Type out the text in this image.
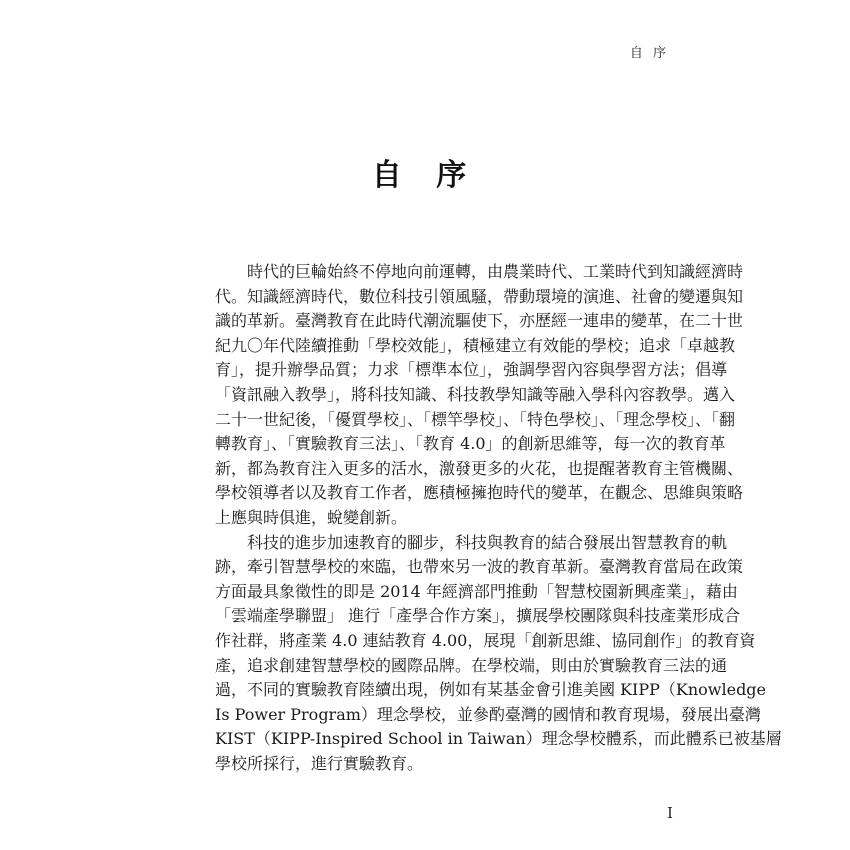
自 序
自 序
時代的巨輪始終不停地向前運轉，由農業時代、工業時代到知識經濟時
代。知識經濟時代，數位科技引領風騷，帶動環境的演進、社會的變遷與知
識的革新。臺灣教育在此時代潮流驅使下，亦歷經一連串的變革，在二十世
紀九〇年代陸續推動「學校效能」，積極建立有效能的學校；追求「卓越教
育」，提升辦學品質；力求「標準本位」，強調學習內容與學習方法；倡導
「資訊融入教學」，將科技知識、科技教學知識等融入學科內容教學。邁入
二十一世紀後，「優質學校」、「標竿學校」、「特色學校」、「理念學校」、「翻
轉教育」、「實驗教育三法」、「教育 4.0」的創新思維等，每一次的教育革
新，都為教育注入更多的活水，激發更多的火花，也提醒著教育主管機關、
學校領導者以及教育工作者，應積極擁抱時代的變革，在觀念、思維與策略
上應與時俱進，蛻變創新。
科技的進步加速教育的腳步，科技與教育的結合發展出智慧教育的軌
跡，牽引智慧學校的來臨，也帶來另一波的教育革新。臺灣教育當局在政策
方面最具象徵性的即是 2014 年經濟部門推動「智慧校園新興產業」，藉由
「雲端產學聯盟」 進行「產學合作方案」，擴展學校團隊與科技產業形成合
作社群，將產業 4.0 連結教育 4.00，展現「創新思維、協同創作」的教育資
產，追求創建智慧學校的國際品牌。在學校端，則由於實驗教育三法的通
過，不同的實驗教育陸續出現，例如有某基金會引進美國 KIPP（Knowledge
Is Power Program）理念學校，並參酌臺灣的國情和教育現場，發展出臺灣
KIST（KIPP-Inspired School in Taiwan）理念學校體系，而此體系已被基層
學校所採行，進行實驗教育。
I
